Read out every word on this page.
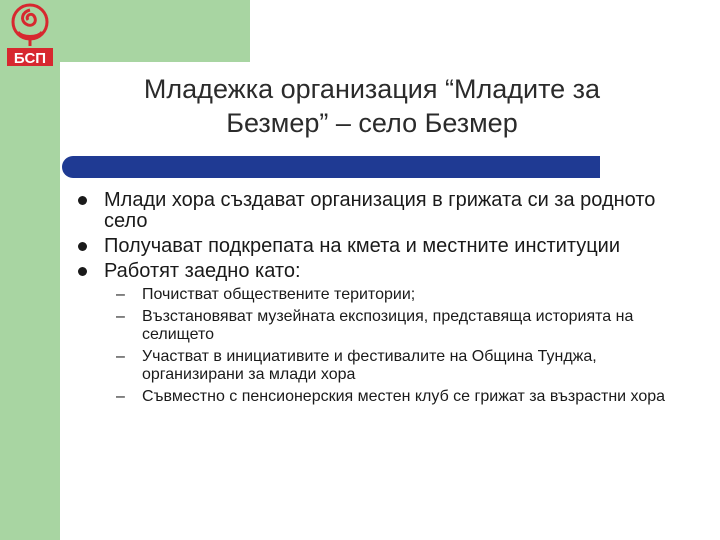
БСП
Младежка организация “Младите за
Безмер” – село Безмер
Млади хора създават организация в грижата си за родното село
Получават подкрепата на кмета и местните институции
Работят заедно като:
– Почистват обществените територии;
– Възстановяват музейната експозиция, представяща историята на селището
– Участват в инициативите и фестивалите на Община Тунджа, организирани за млади хора
– Съвместно с пенсионерския местен клуб се грижат за възрастни хора
